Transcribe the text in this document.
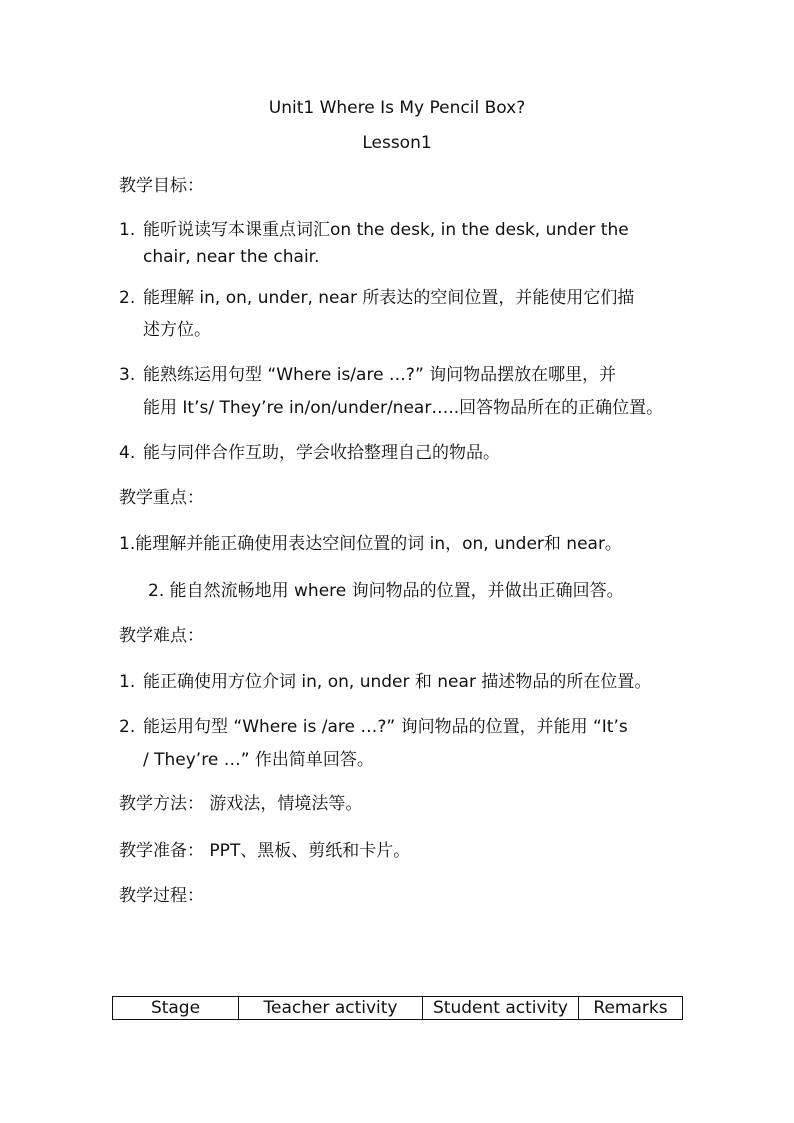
Unit1 Where Is My Pencil Box?
Lesson1
教学目标：
1. 能听说读写本课重点词汇on the desk, in the desk, under the
chair, near the chair.
2. 能理解 in, on, under, near 所表达的空间位置，并能使用它们描
述方位。
3. 能熟练运用句型 “Where is/are …?” 询问物品摆放在哪里，并
能用 It’s/ They’re in/on/under/near…..回答物品所在的正确位置。
4. 能与同伴合作互助，学会收拾整理自己的物品。
教学重点：
1.能理解并能正确使用表达空间位置的词 in，on, under和 near。
2. 能自然流畅地用 where 询问物品的位置，并做出正确回答。
教学难点：
1. 能正确使用方位介词 in, on, under 和 near 描述物品的所在位置。
2. 能运用句型 “Where is /are …?” 询问物品的位置，并能用 “It’s
/ They’re …” 作出简单回答。
教学方法： 游戏法，情境法等。
教学准备： PPT、黑板、剪纸和卡片。
教学过程：
Stage	Teacher activity	Student activity	Remarks
